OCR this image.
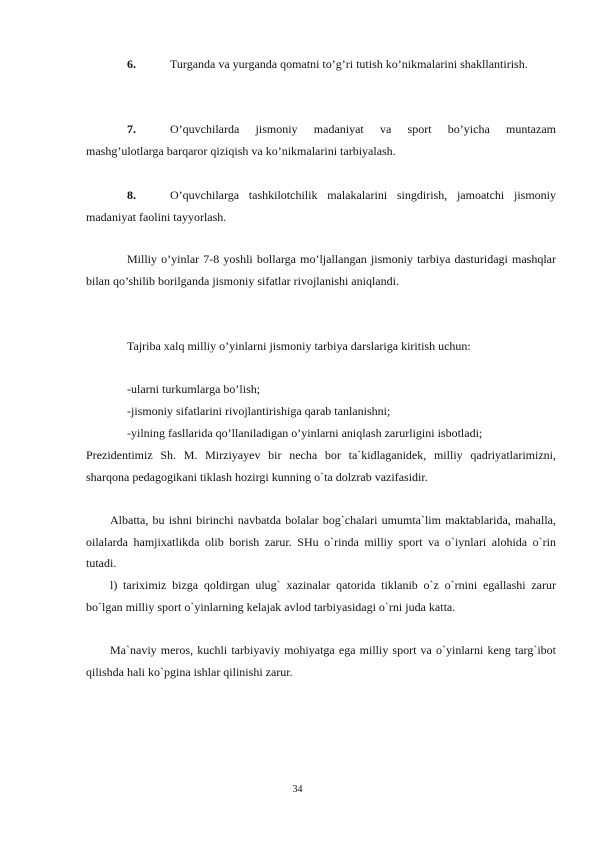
6.	Turganda va yurganda qomatni to’g’ri tutish ko’nikmalarini shakllantirish.
7.	O’quvchilarda jismoniy madaniyat va sport bo’yicha muntazam mashg’ulotlarga barqaror qiziqish va ko’nikmalarini tarbiyalash.
8.	O’quvchilarga tashkilotchilik malakalarini singdirish, jamoatchi jismoniy madaniyat faolini tayyorlash.
Milliy o’yinlar 7-8 yoshli bollarga mo’ljallangan jismoniy tarbiya dasturidagi mashqlar bilan qo’shilib borilganda jismoniy sifatlar rivojlanishi aniqlandi.
Tajriba xalq milliy o’yinlarni jismoniy tarbiya darslariga kiritish uchun:
-ularni turkumlarga bo’lish;
-jismoniy sifatlarini rivojlantirishiga qarab tanlanishni;
-yilning fasllarida qo’llaniladigan o’yinlarni aniqlash zarurligini isbotladi;
Prezidentimiz Sh. M. Mirziyayev bir necha bor ta`kidlaganidek, milliy qadriyatlarimizni, sharqona pedagogikani tiklash hozirgi kunning o`ta dolzrab vazifasidir.
Albatta, bu ishni birinchi navbatda bolalar bog`chalari umumta`lim maktablarida, mahalla, oilalarda hamjixatlikda olib borish zarur. SHu o`rinda milliy sport va o`iynlari alohida o`rin tutadi.
l) tariximiz bizga qoldirgan ulug` xazinalar qatorida tiklanib o`z o`rnini egallashi zarur bo`lgan milliy sport o`yinlarning kelajak avlod tarbiyasidagi o`rni juda katta.
Ma`naviy meros, kuchli tarbiyaviy mohiyatga ega milliy sport va o`yinlarni keng targ`ibot qilishda hali ko`pgina ishlar qilinishi zarur.
34
